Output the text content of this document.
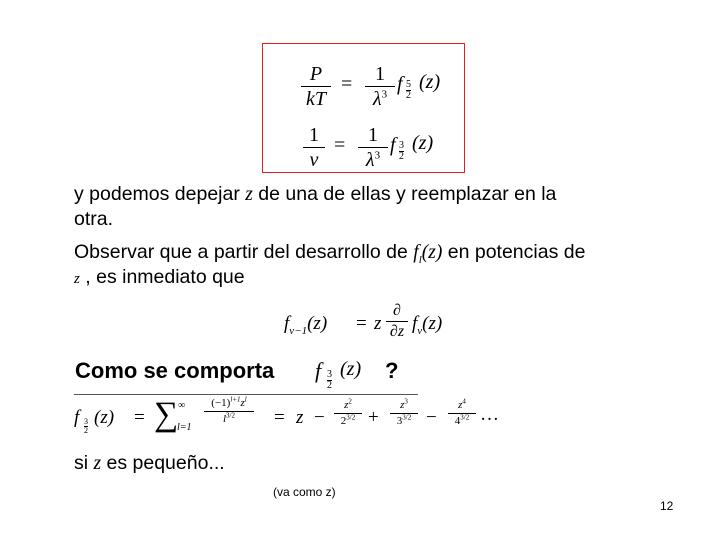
P
kT
=	1
$\lambda^3$ f 5
2
(z)
1
v
=	1
$\lambda^3$ f 3
2
(z)
y podemos depejar z de una de ellas y reemplazar en la
otra.
Observar que a partir del desarrollo de $f_l(z)$ en potencias de
z , es inmediato que
$f_{\nu-1}(z) = z$
∂
∂z $f_\nu(z)$
Como se comporta f 3
2
(z) ?
f 3
2
(z) = ∑ ∞
l=1
$(-1)^{l+1}z^l$
$l^{3/2}$	= z −
$z^2$
$2^{3/2}$ +
$z^3$
$3^{3/2}$ −
$z^4$
$4^{3/2}$ …
si z es pequeño...
(va como z)
12
